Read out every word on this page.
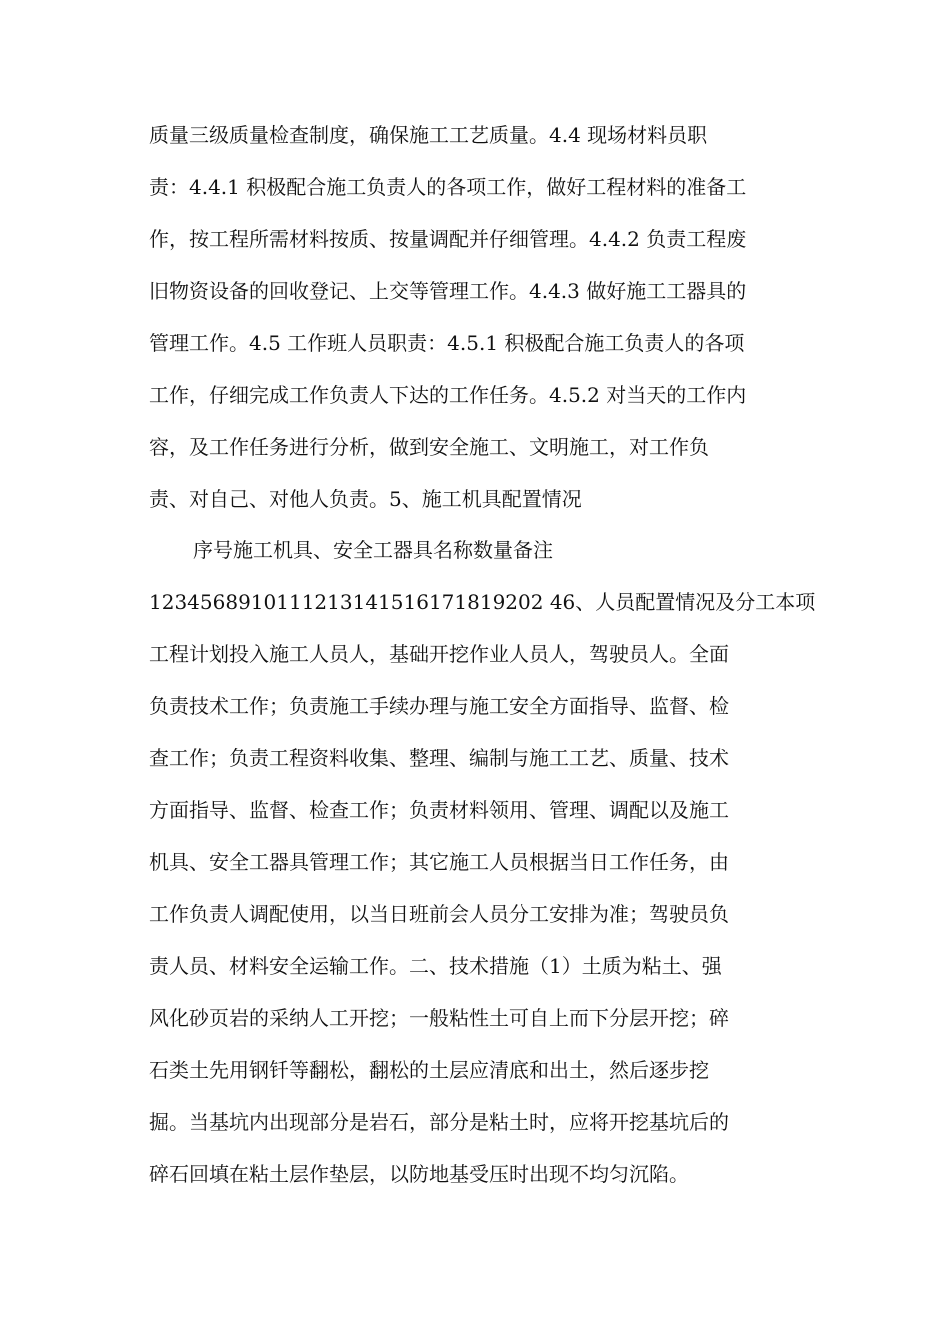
质量三级质量检查制度，确保施工工艺质量。4.4 现场材料员职
责：4.4.1 积极配合施工负责人的各项工作，做好工程材料的准备工
作，按工程所需材料按质、按量调配并仔细管理。4.4.2 负责工程废
旧物资设备的回收登记、上交等管理工作。4.4.3 做好施工工器具的
管理工作。4.5 工作班人员职责：4.5.1 积极配合施工负责人的各项
工作，仔细完成工作负责人下达的工作任务。4.5.2 对当天的工作内
容，及工作任务进行分析，做到安全施工、文明施工，对工作负
责、对自己、对他人负责。5、施工机具配置情况
序号施工机具、安全工器具名称数量备注
1234568910111213141516171819202 46、人员配置情况及分工本项
工程计划投入施工人员人，基础开挖作业人员人，驾驶员人。全面
负责技术工作；负责施工手续办理与施工安全方面指导、监督、检
查工作；负责工程资料收集、整理、编制与施工工艺、质量、技术
方面指导、监督、检查工作；负责材料领用、管理、调配以及施工
机具、安全工器具管理工作；其它施工人员根据当日工作任务，由
工作负责人调配使用，以当日班前会人员分工安排为准；驾驶员负
责人员、材料安全运输工作。二、技术措施（1）土质为粘土、强
风化砂页岩的采纳人工开挖；一般粘性土可自上而下分层开挖；碎
石类土先用钢钎等翻松，翻松的土层应清底和出土，然后逐步挖
掘。当基坑内出现部分是岩石，部分是粘土时，应将开挖基坑后的
碎石回填在粘土层作垫层，以防地基受压时出现不均匀沉陷。
